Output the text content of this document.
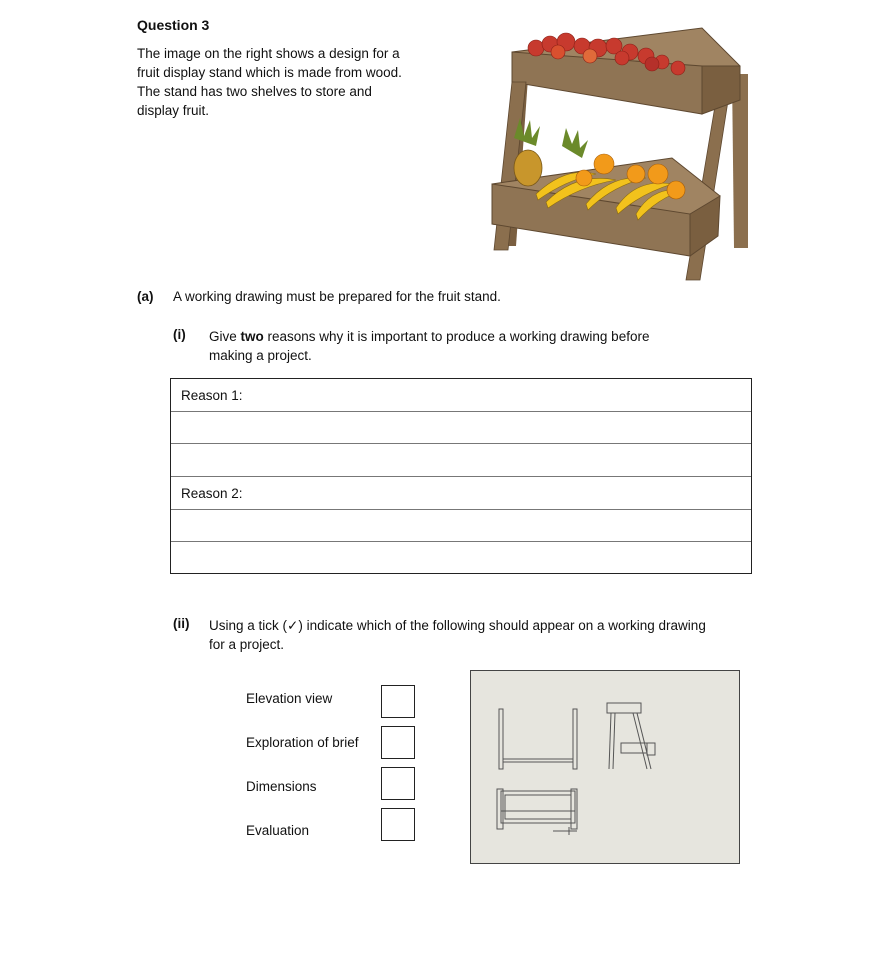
Question 3
The image on the right shows a design for a
fruit display stand which is made from wood.
The stand has two shelves to store and
display fruit.
(a) A working drawing must be prepared for the fruit stand.
(i) Give two reasons why it is important to produce a working drawing before
making a project.
Reason 1:
Reason 2:
(ii) Using a tick (✓) indicate which of the following should appear on a working drawing
for a project.
Elevation view
Exploration of brief
Dimensions
Evaluation
